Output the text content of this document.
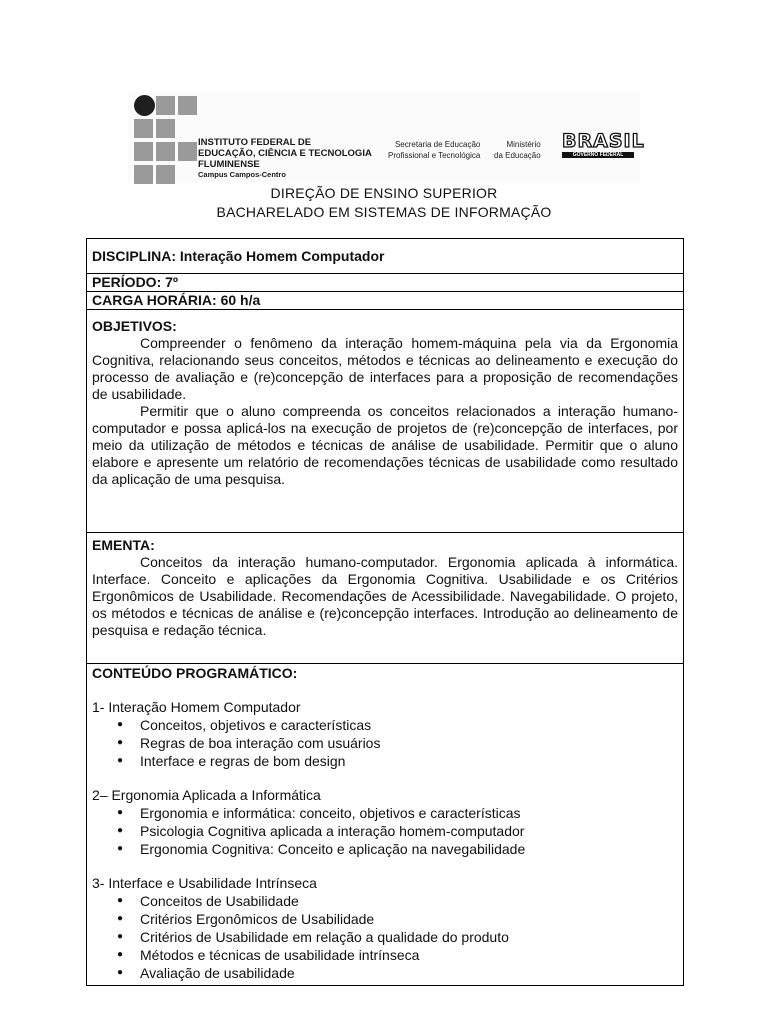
INSTITUTO FEDERAL DE
EDUCAÇÃO, CIÊNCIA E TECNOLOGIA
FLUMINENSE
Campus Campos-Centro
Secretaria de Educação
Profissional e Tecnológica
Ministério
da Educação
BRASIL
GOVERNO FEDERAL
DIREÇÃO DE ENSINO SUPERIOR
BACHARELADO EM SISTEMAS DE INFORMAÇÃO
DISCIPLINA: Interação Homem Computador
PERÍODO: 7º
CARGA HORÁRIA: 60 h/a
OBJETIVOS:

Compreender o fenômeno da interação homem-máquina pela via da Ergonomia Cognitiva, relacionando seus conceitos, métodos e técnicas ao delineamento e execução do processo de avaliação e (re)concepção de interfaces para a proposição de recomendações de usabilidade.

Permitir que o aluno compreenda os conceitos relacionados a interação humano-computador e possa aplicá-los na execução de projetos de (re)concepção de interfaces, por meio da utilização de métodos e técnicas de análise de usabilidade. Permitir que o aluno elabore e apresente um relatório de recomendações técnicas de usabilidade como resultado da aplicação de uma pesquisa.

EMENTA:

Conceitos da interação humano-computador. Ergonomia aplicada à informática. Interface. Conceito e aplicações da Ergonomia Cognitiva. Usabilidade e os Critérios Ergonômicos de Usabilidade. Recomendações de Acessibilidade. Navegabilidade. O projeto, os métodos e técnicas de análise e (re)concepção interfaces. Introdução ao delineamento de pesquisa e redação técnica.

CONTEÚDO PROGRAMÁTICO:

1- Interação Homem Computador

● Conceitos, objetivos e características
● Regras de boa interação com usuários
● Interface e regras de bom design

2– Ergonomia Aplicada a Informática

● Ergonomia e informática: conceito, objetivos e características
● Psicologia Cognitiva aplicada a interação homem-computador
● Ergonomia Cognitiva: Conceito e aplicação na navegabilidade

3- Interface e Usabilidade Intrínseca

● Conceitos de Usabilidade
● Critérios Ergonômicos de Usabilidade
● Critérios de Usabilidade em relação a qualidade do produto
● Métodos e técnicas de usabilidade intrínseca
● Avaliação de usabilidade
